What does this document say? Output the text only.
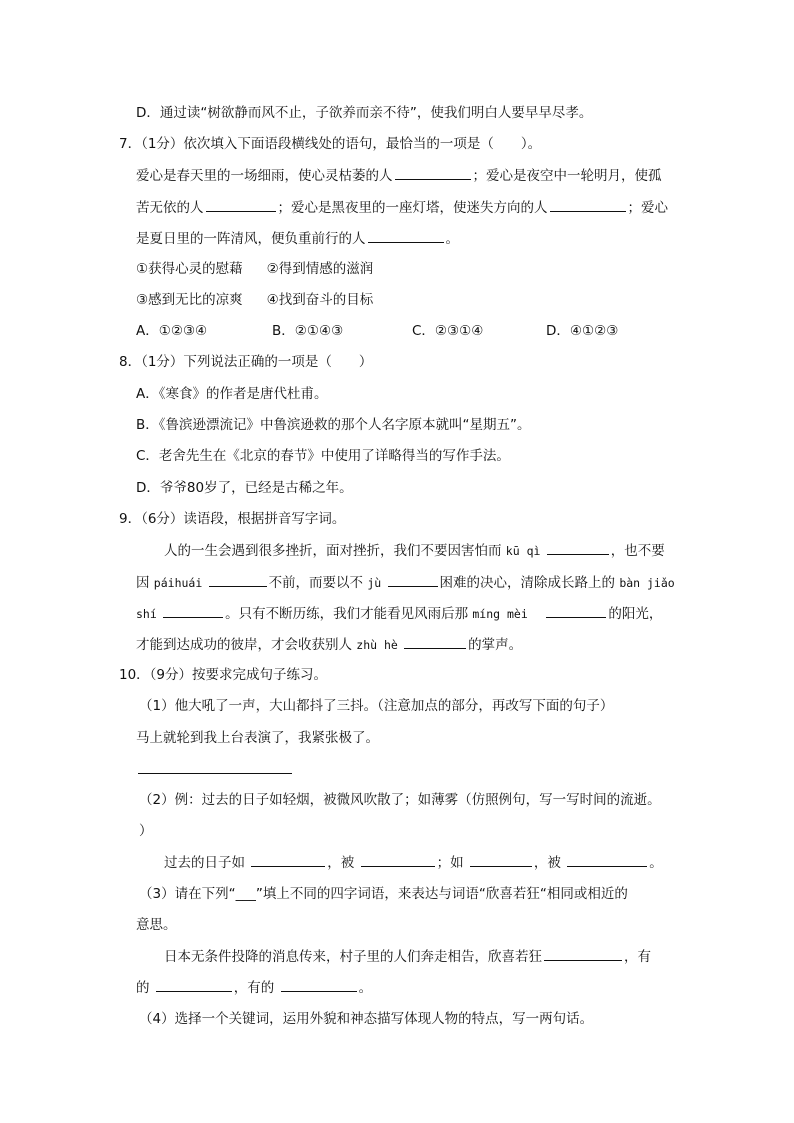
D．通过读“树欲静而风不止，子欲养而亲不待”，使我们明白人要早早尽孝。
7．（1分）依次填入下面语段横线处的语句，最恰当的一项是（　　）。
爱心是春天里的一场细雨，使心灵枯萎的人	；爱心是夜空中一轮明月，使孤
苦无依的人	；爱心是黑夜里的一座灯塔，使迷失方向的人	；爱心
是夏日里的一阵清风，便负重前行的人	。
①获得心灵的慰藉 ②得到情感的滋润
③感到无比的凉爽 ④找到奋斗的目标
A．①②③④	B．②①④③	C．②③①④	D．④①②③
8．（1分）下列说法正确的一项是（　　）
A．《寒食》的作者是唐代杜甫。
B．《鲁滨逊漂流记》中鲁滨逊救的那个人名字原本就叫“星期五”。
C．老舍先生在《北京的春节》中使用了详略得当的写作手法。
D．爷爷80岁了，已经是古稀之年。
9．（6分）读语段，根据拼音写字词。
人的一生会遇到很多挫折，面对挫折，我们不要因害怕而 kū qì	，也不要
因 páihuái	不前，而要以不 jù	困难的决心，清除成长路上的 bàn jiǎo
shí	。只有不断历练，我们才能看见风雨后那 míng mèi	的阳光，
才能到达成功的彼岸，才会收获别人 zhù hè	的掌声。
10．（9分）按要求完成句子练习。
（1）他大吼了一声，大山都抖了三抖。（注意加点的部分，再改写下面的句子）
马上就轮到我上台表演了，我紧张极了。
（2）例：过去的日子如轻烟，被微风吹散了；如薄雾（仿照例句，写一写时间的流逝。
）
过去的日子如	，被	；如	，被	。
（3）请在下列“___”填上不同的四字词语，来表达与词语“欣喜若狂“相同或相近的
意思。
日本无条件投降的消息传来，村子里的人们奔走相告，欣喜若狂	，有
的	，有的	。
（4）选择一个关键词，运用外貌和神态描写体现人物的特点，写一两句话。
